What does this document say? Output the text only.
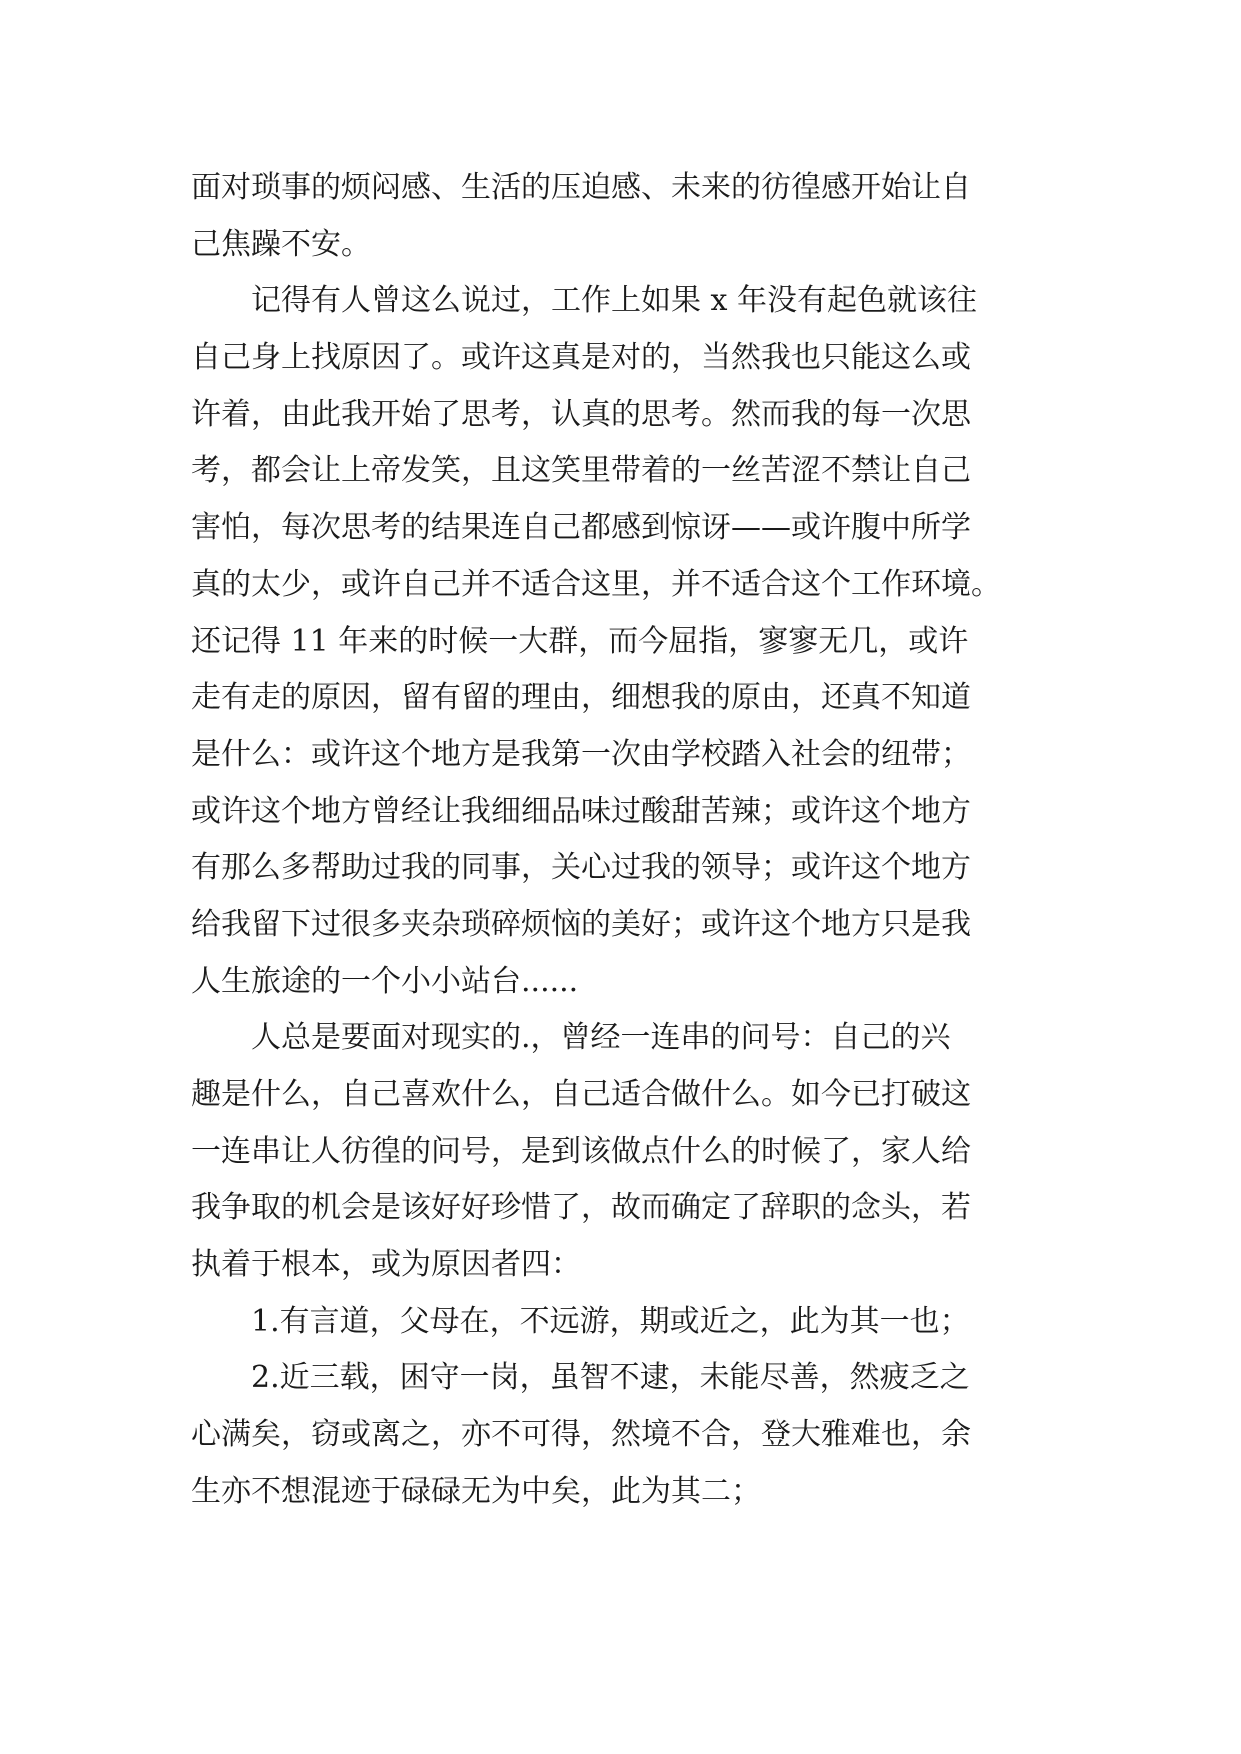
面对琐事的烦闷感、生活的压迫感、未来的彷徨感开始让自
己焦躁不安。
　　记得有人曾这么说过，工作上如果 x 年没有起色就该往
自己身上找原因了。或许这真是对的，当然我也只能这么或
许着，由此我开始了思考，认真的思考。然而我的每一次思
考，都会让上帝发笑，且这笑里带着的一丝苦涩不禁让自己
害怕，每次思考的结果连自己都感到惊讶——或许腹中所学
真的太少，或许自己并不适合这里，并不适合这个工作环境。
还记得 11 年来的时候一大群，而今屈指，寥寥无几，或许
走有走的原因，留有留的理由，细想我的原由，还真不知道
是什么：或许这个地方是我第一次由学校踏入社会的纽带；
或许这个地方曾经让我细细品味过酸甜苦辣；或许这个地方
有那么多帮助过我的同事，关心过我的领导；或许这个地方
给我留下过很多夹杂琐碎烦恼的美好；或许这个地方只是我
人生旅途的一个小小站台......
　　人总是要面对现实的.，曾经一连串的问号：自己的兴
趣是什么，自己喜欢什么，自己适合做什么。如今已打破这
一连串让人彷徨的问号，是到该做点什么的时候了，家人给
我争取的机会是该好好珍惜了，故而确定了辞职的念头，若
执着于根本，或为原因者四：
　　1.有言道，父母在，不远游，期或近之，此为其一也；
　　2.近三载，困守一岗，虽智不逮，未能尽善，然疲乏之
心满矣，窃或离之，亦不可得，然境不合，登大雅难也，余
生亦不想混迹于碌碌无为中矣，此为其二；
